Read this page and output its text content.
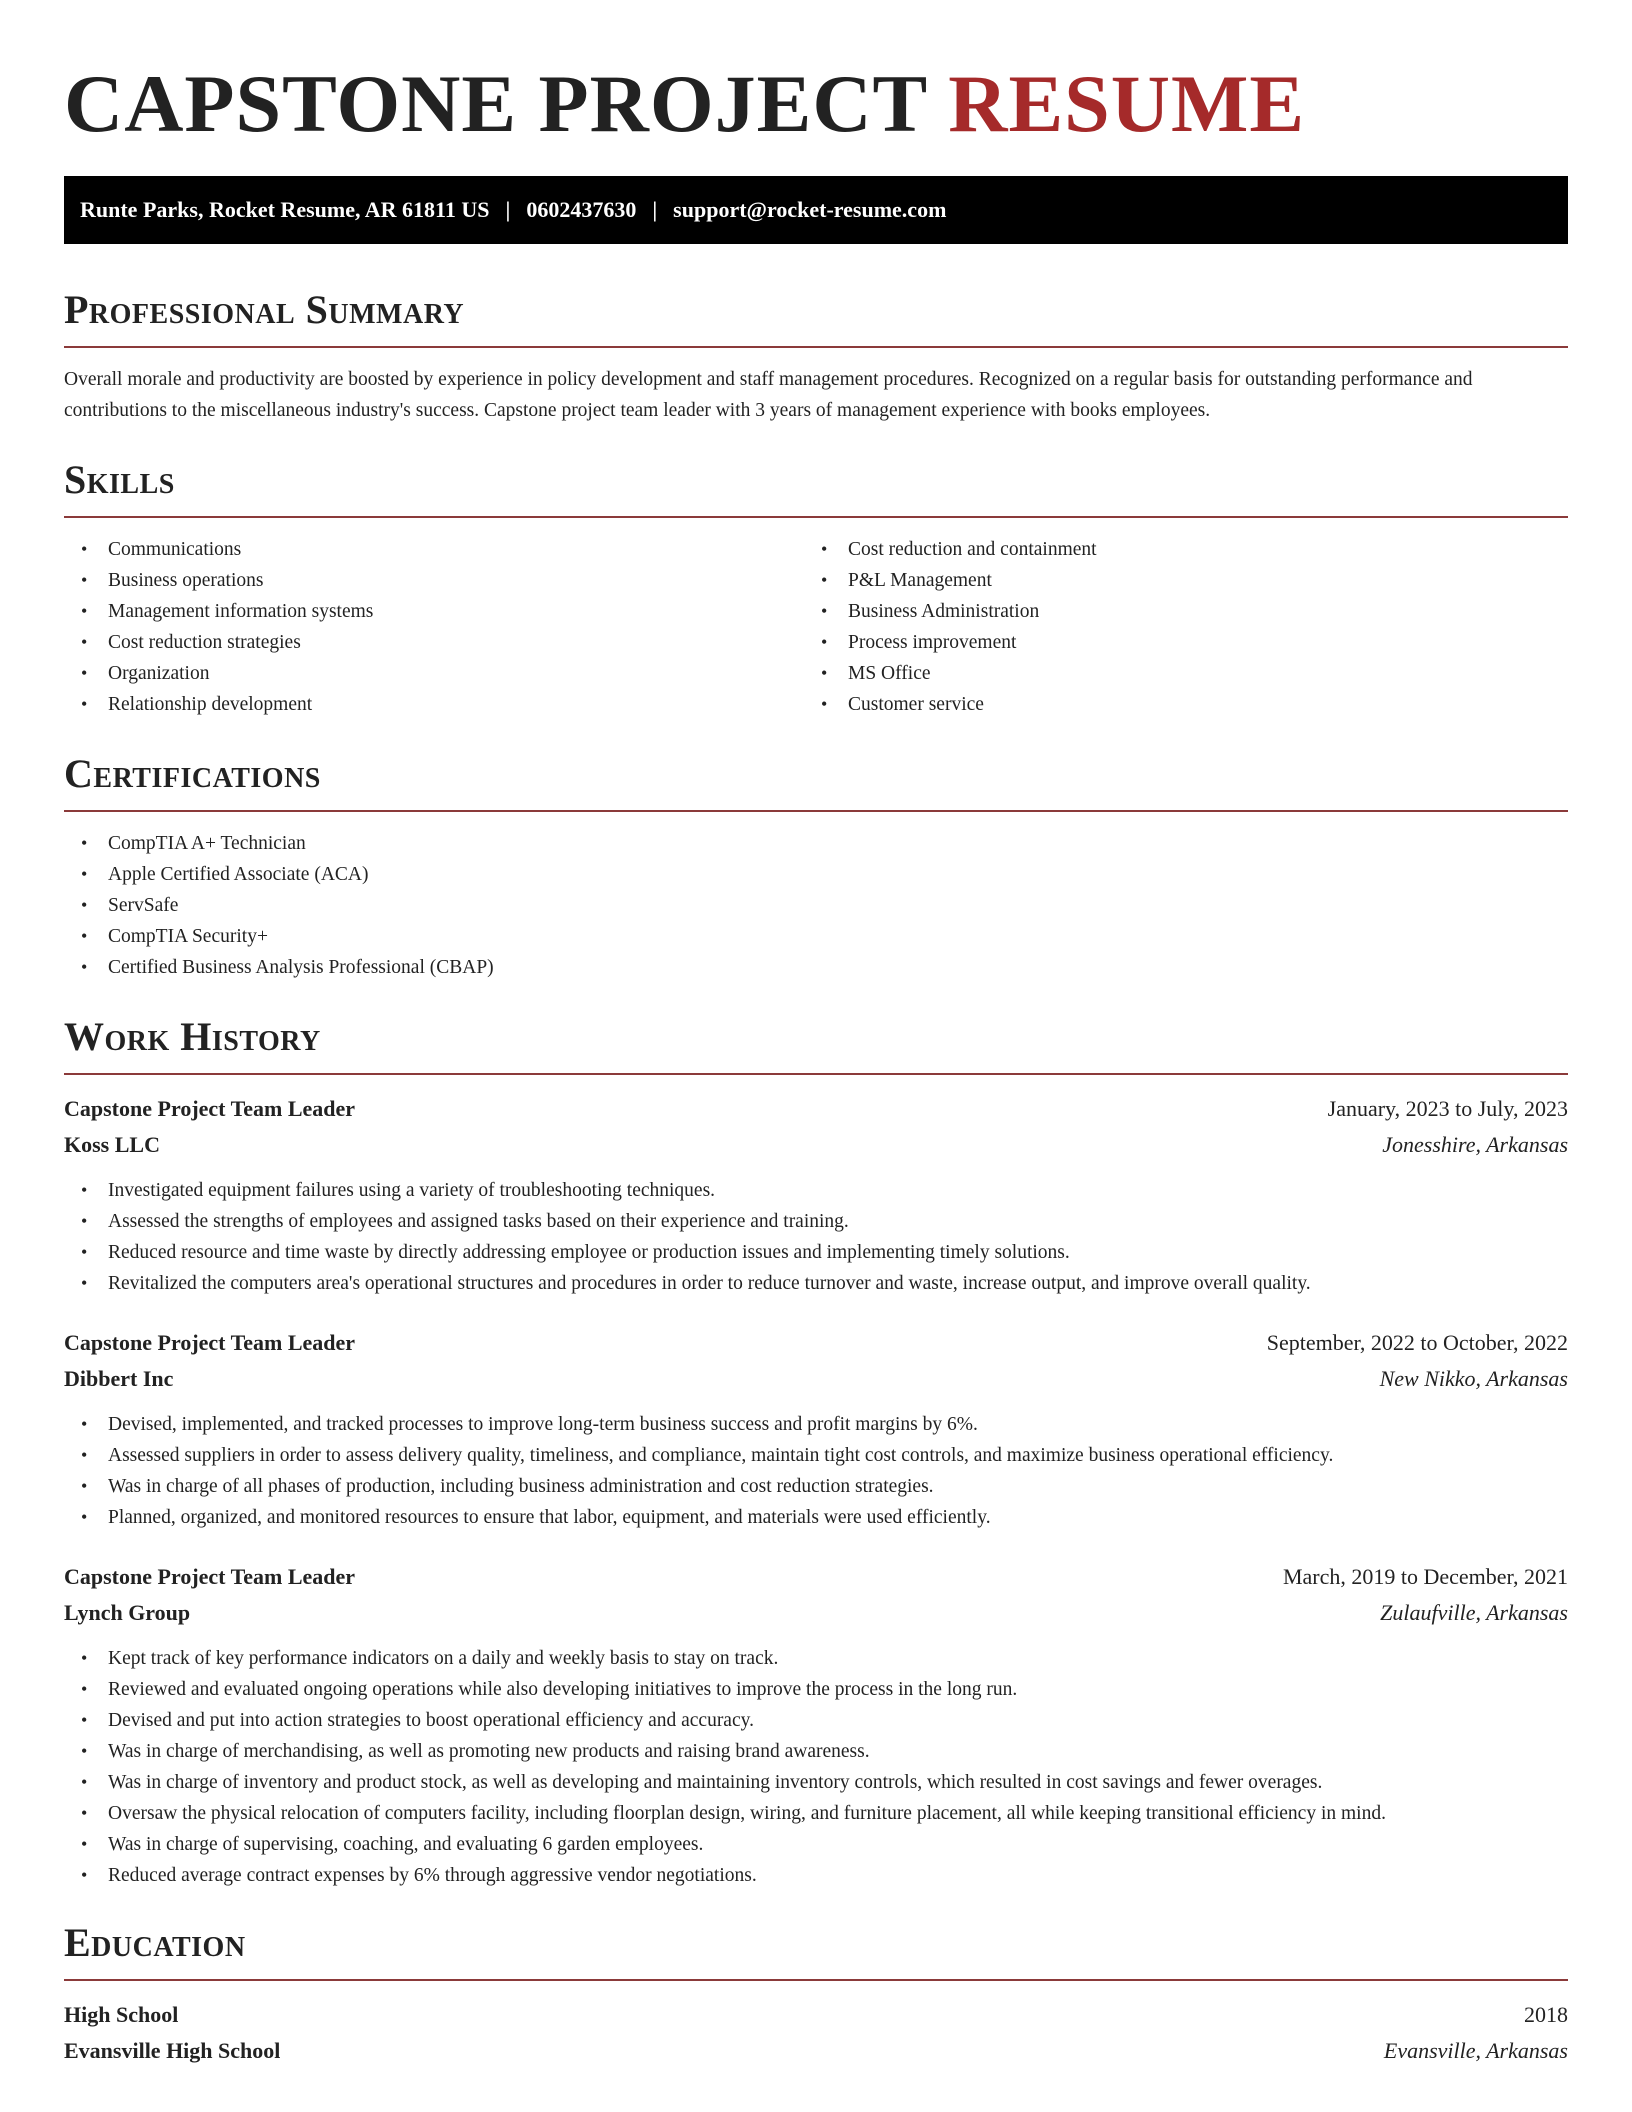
CAPSTONE PROJECT RESUME
Runte Parks, Rocket Resume, AR 61811 US | 0602437630 | support@rocket-resume.com
Professional Summary

Overall morale and productivity are boosted by experience in policy development and staff management procedures. Recognized on a regular basis for outstanding performance and contributions to the miscellaneous industry's success. Capstone project team leader with 3 years of management experience with books employees.

Skills
• Communications
• Business operations
• Management information systems
• Cost reduction strategies
• Organization
• Relationship development
• Cost reduction and containment
• P&L Management
• Business Administration
• Process improvement
• MS Office
• Customer service
Certifications
• CompTIA A+ Technician
• Apple Certified Associate (ACA)
• ServSafe
• CompTIA Security+
• Certified Business Analysis Professional (CBAP)
Work History
Capstone Project Team Leader	January, 2023 to July, 2023
Koss LLC	Jonesshire, Arkansas
• Investigated equipment failures using a variety of troubleshooting techniques.
• Assessed the strengths of employees and assigned tasks based on their experience and training.
• Reduced resource and time waste by directly addressing employee or production issues and implementing timely solutions.
• Revitalized the computers area's operational structures and procedures in order to reduce turnover and waste, increase output, and improve overall quality.
Capstone Project Team Leader	September, 2022 to October, 2022
Dibbert Inc	New Nikko, Arkansas
• Devised, implemented, and tracked processes to improve long-term business success and profit margins by 6%.
• Assessed suppliers in order to assess delivery quality, timeliness, and compliance, maintain tight cost controls, and maximize business operational efficiency.
• Was in charge of all phases of production, including business administration and cost reduction strategies.
• Planned, organized, and monitored resources to ensure that labor, equipment, and materials were used efficiently.
Capstone Project Team Leader	March, 2019 to December, 2021
Lynch Group	Zulaufville, Arkansas
• Kept track of key performance indicators on a daily and weekly basis to stay on track.
• Reviewed and evaluated ongoing operations while also developing initiatives to improve the process in the long run.
• Devised and put into action strategies to boost operational efficiency and accuracy.
• Was in charge of merchandising, as well as promoting new products and raising brand awareness.
• Was in charge of inventory and product stock, as well as developing and maintaining inventory controls, which resulted in cost savings and fewer overages.
• Oversaw the physical relocation of computers facility, including floorplan design, wiring, and furniture placement, all while keeping transitional efficiency in mind.
• Was in charge of supervising, coaching, and evaluating 6 garden employees.
• Reduced average contract expenses by 6% through aggressive vendor negotiations.
Education
High School	2018
Evansville High School	Evansville, Arkansas
